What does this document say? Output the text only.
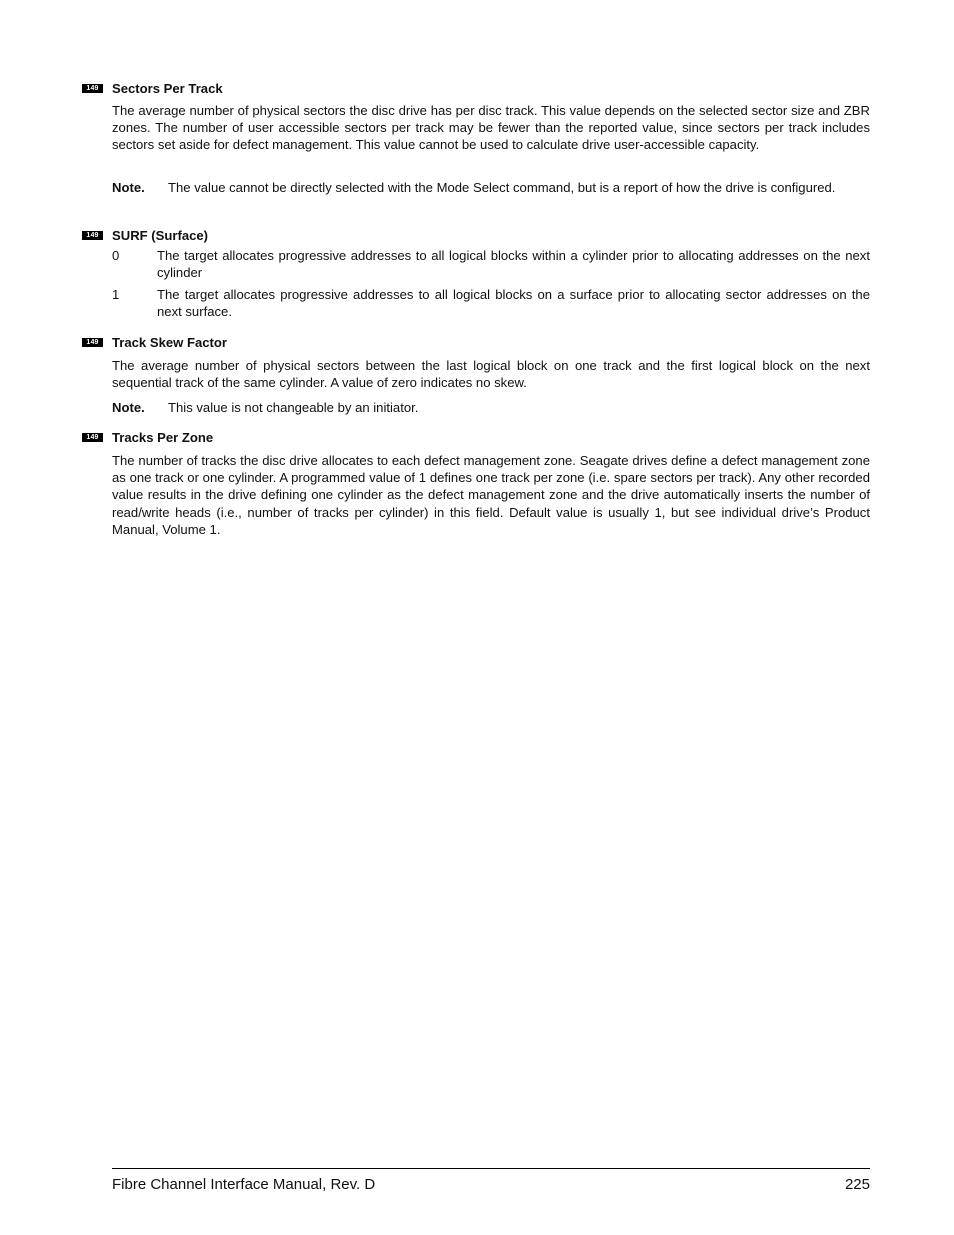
149	Sectors Per Track

The average number of physical sectors the disc drive has per disc track. This value depends on the selected sector size and ZBR zones. The number of user accessible sectors per track may be fewer than the reported value, since sectors per track includes sectors set aside for defect management. This value cannot be used to calculate drive user-accessible capacity.

Note. The value cannot be directly selected with the Mode Select command, but is a report of how the drive is configured.
149	SURF (Surface)
0	The target allocates progressive addresses to all logical blocks within a cylinder prior to allocating addresses on the next cylinder
1	The target allocates progressive addresses to all logical blocks on a surface prior to allocating sector addresses on the next surface.
149	Track Skew Factor

The average number of physical sectors between the last logical block on one track and the first logical block on the next sequential track of the same cylinder. A value of zero indicates no skew.

Note. This value is not changeable by an initiator.
149	Tracks Per Zone

The number of tracks the disc drive allocates to each defect management zone. Seagate drives define a defect management zone as one track or one cylinder. A programmed value of 1 defines one track per zone (i.e. spare sectors per track). Any other recorded value results in the drive defining one cylinder as the defect management zone and the drive automatically inserts the number of read/write heads (i.e., number of tracks per cylinder) in this field. Default value is usually 1, but see individual drive’s Product Manual, Volume 1.

Fibre Channel Interface Manual, Rev. D	225
